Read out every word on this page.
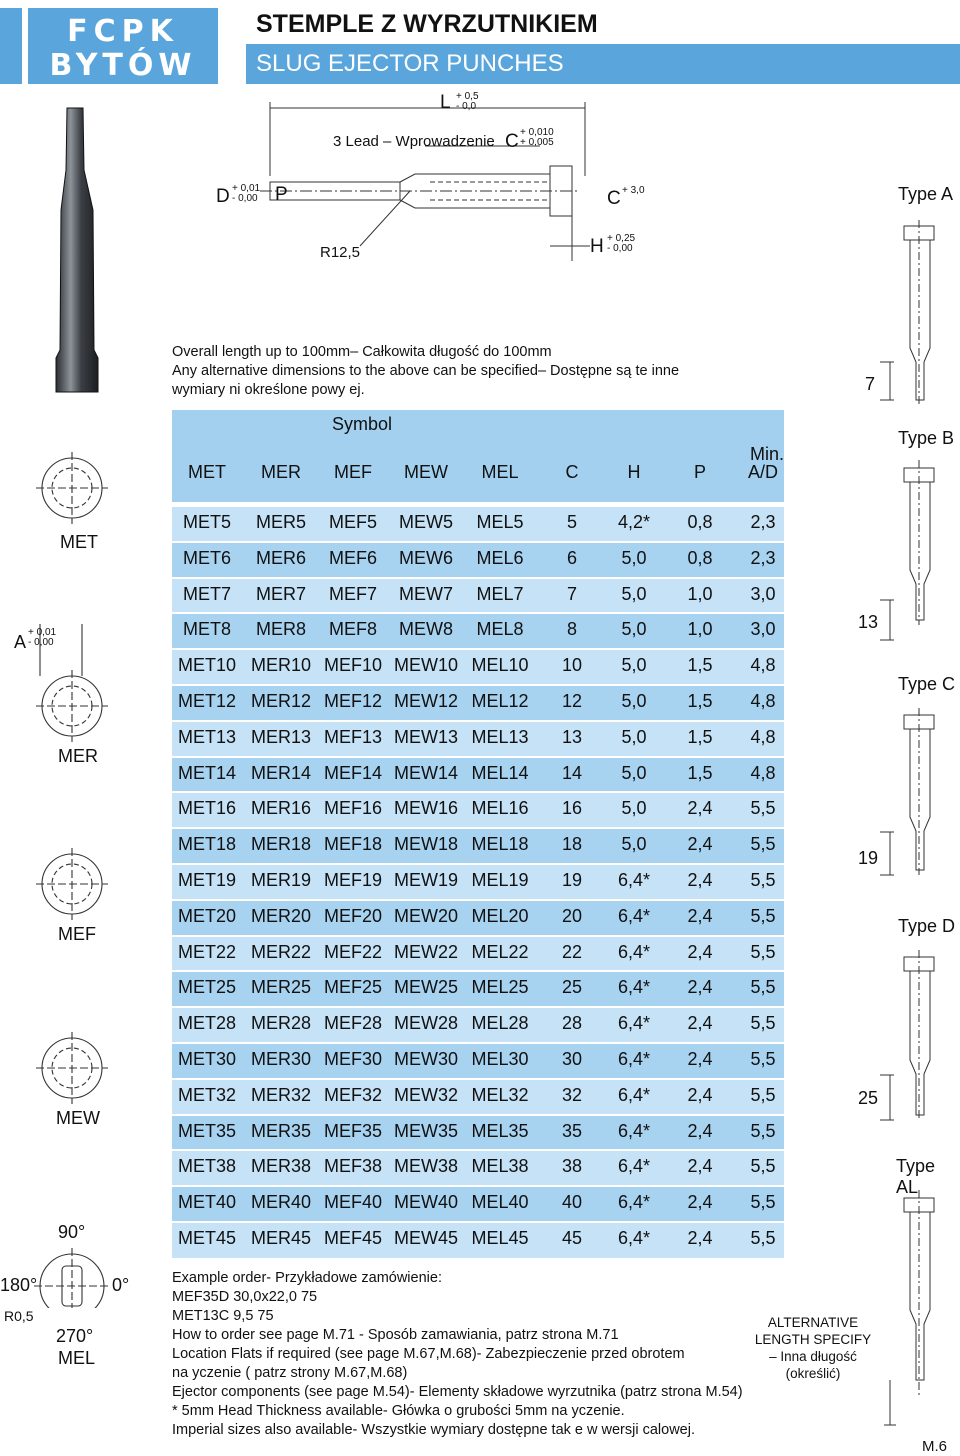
FCPK
BYTÓW
STEMPLE Z WYRZUTNIKIEM
SLUG EJECTOR PUNCHES
L + 0,5
- 0,0
3 Lead – Wprowadzenie C + 0,010
+ 0,005
D + 0,01
- 0,00 P	C + 3,0
R12,5	H + 0,25
- 0,00
Overall length up to 100mm– Całkowita długość do 100mm
Any alternative dimensions to the above can be specified– Dostępne są te inne
wymiary ni określone powy ej.
Type A
7
Type B
13
Type C
19
Type D
25
Type AL
MET
A + 0,01
- 0,00
MER
MEF
MEW
90°
180°	0°
R0,5
270°
MEL
MET5	MER5	MEF5	MEW5	MEL5	5	4,2*	0,8	2,3
MET6	MER6	MEF6	MEW6	MEL6	6	5,0	0,8	2,3
MET7	MER7	MEF7	MEW7	MEL7	7	5,0	1,0	3,0
MET8	MER8	MEF8	MEW8	MEL8	8	5,0	1,0	3,0
MET10 MER10 MEF10 MEW10 MEL10	10	5,0	1,5	4,8
MET12 MER12 MEF12 MEW12 MEL12	12	5,0	1,5	4,8
MET13 MER13 MEF13 MEW13 MEL13	13	5,0	1,5	4,8
MET14 MER14 MEF14 MEW14 MEL14	14	5,0	1,5	4,8
MET16 MER16 MEF16 MEW16 MEL16	16	5,0	2,4	5,5
MET18 MER18 MEF18 MEW18 MEL18	18	5,0	2,4	5,5
MET19 MER19 MEF19 MEW19 MEL19	19	6,4*	2,4	5,5
MET20 MER20 MEF20 MEW20 MEL20	20	6,4*	2,4	5,5
MET22 MER22 MEF22 MEW22 MEL22	22	6,4*	2,4	5,5
MET25 MER25 MEF25 MEW25 MEL25	25	6,4*	2,4	5,5
MET28 MER28 MEF28 MEW28 MEL28	28	6,4*	2,4	5,5
MET30 MER30 MEF30 MEW30 MEL30	30	6,4*	2,4	5,5
MET32 MER32 MEF32 MEW32 MEL32	32	6,4*	2,4	5,5
MET35 MER35 MEF35 MEW35 MEL35	35	6,4*	2,4	5,5
MET38 MER38 MEF38 MEW38 MEL38	38	6,4*	2,4	5,5
MET40 MER40 MEF40 MEW40 MEL40	40	6,4*	2,4	5,5
MET45 MER45 MEF45 MEW45 MEL45	45	6,4*	2,4	5,5
Symbol
Min.
MET	MER	MEF	MEW	MEL	C	H	P	A/D
Example order- Przykładowe zamówienie:
MEF35D 30,0x22,0 75
MET13C 9,5 75
How to order see page M.71 - Sposób zamawiania, patrz strona M.71
Location Flats if required (see page M.67,M.68)- Zabezpieczenie przed obrotem
na yczenie ( patrz strony M.67,M.68)
Ejector components (see page M.54)- Elementy składowe wyrzutnika (patrz strona M.54)
* 5mm Head Thickness available- Główka o grubości 5mm na yczenie.
Imperial sizes also available- Wszystkie wymiary dostępne tak e w wersji calowej.
ALTERNATIVE
LENGTH SPECIFY
– Inna długość
(określić)
M.6
